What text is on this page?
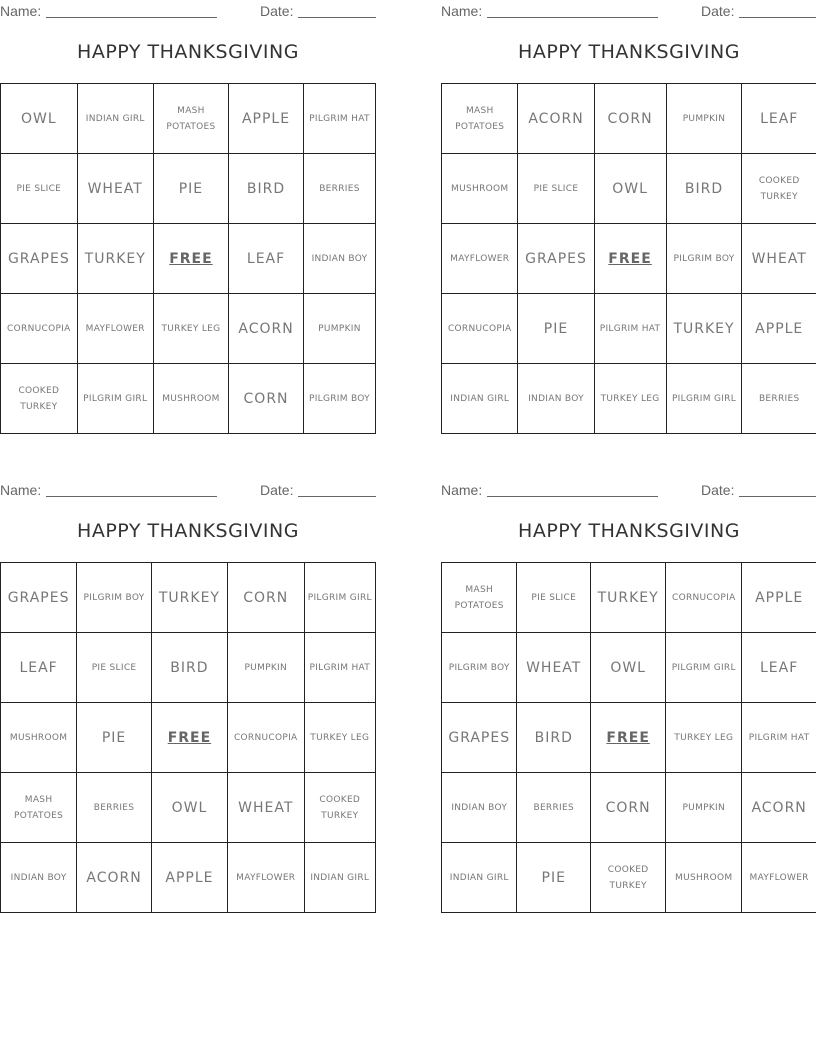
Name:	Date:
HAPPY THANKSGIVING
OWL	INDIAN GIRL	MASH POTATOES	APPLE	PILGRIM HAT
PIE SLICE	WHEAT	PIE	BIRD	BERRIES
GRAPES	TURKEY	FREE	LEAF	INDIAN BOY
CORNUCOPIA	MAYFLOWER	TURKEY LEG	ACORN	PUMPKIN
COOKED TURKEY	PILGRIM GIRL	MUSHROOM	CORN	PILGRIM BOY
Name:	Date:
HAPPY THANKSGIVING
MASH POTATOES	ACORN	CORN	PUMPKIN	LEAF
MUSHROOM	PIE SLICE	OWL	BIRD	COOKED TURKEY
MAYFLOWER	GRAPES	FREE	PILGRIM BOY	WHEAT
CORNUCOPIA	PIE	PILGRIM HAT	TURKEY	APPLE
INDIAN GIRL	INDIAN BOY	TURKEY LEG	PILGRIM GIRL	BERRIES
Name:	Date:
HAPPY THANKSGIVING
GRAPES	PILGRIM BOY	TURKEY	CORN	PILGRIM GIRL
LEAF	PIE SLICE	BIRD	PUMPKIN	PILGRIM HAT
MUSHROOM	PIE	FREE	CORNUCOPIA	TURKEY LEG
MASH POTATOES	BERRIES	OWL	WHEAT	COOKED TURKEY
INDIAN BOY	ACORN	APPLE	MAYFLOWER	INDIAN GIRL
Name:	Date:
HAPPY THANKSGIVING
MASH POTATOES	PIE SLICE	TURKEY	CORNUCOPIA	APPLE
PILGRIM BOY	WHEAT	OWL	PILGRIM GIRL	LEAF
GRAPES	BIRD	FREE	TURKEY LEG	PILGRIM HAT
INDIAN BOY	BERRIES	CORN	PUMPKIN	ACORN
INDIAN GIRL	PIE	COOKED TURKEY	MUSHROOM	MAYFLOWER
